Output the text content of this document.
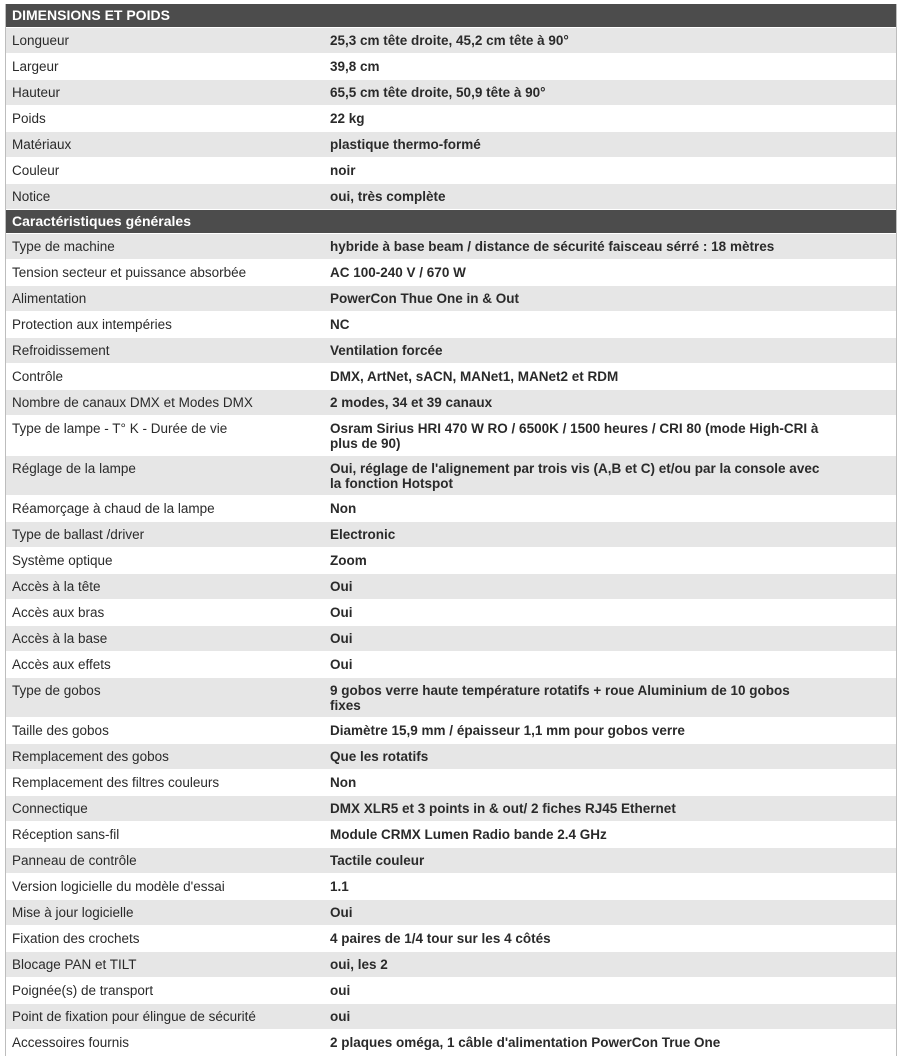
DIMENSIONS ET POIDS
Longueur	25,3 cm tête droite, 45,2 cm tête à 90°
Largeur	39,8 cm
Hauteur	65,5 cm tête droite, 50,9 tête à 90°
Poids	22 kg
Matériaux	plastique thermo-formé
Couleur	noir
Notice	oui, très complète
Caractéristiques générales
Type de machine	hybride à base beam / distance de sécurité faisceau sérré : 18 mètres
Tension secteur et puissance absorbée	AC 100-240 V / 670 W
Alimentation	PowerCon Thue One in & Out
Protection aux intempéries	NC
Refroidissement	Ventilation forcée
Contrôle	DMX, ArtNet, sACN, MANet1, MANet2 et RDM
Nombre de canaux DMX et Modes DMX	2 modes, 34 et 39 canaux
Type de lampe - T° K - Durée de vie	Osram Sirius HRI 470 W RO / 6500K / 1500 heures / CRI 80 (mode High-CRI à plus de 90)
Réglage de la lampe	Oui, réglage de l'alignement par trois vis (A,B et C) et/ou par la console avec la fonction Hotspot
Réamorçage à chaud de la lampe	Non
Type de ballast /driver	Electronic
Système optique	Zoom
Accès à la tête	Oui
Accès aux bras	Oui
Accès à la base	Oui
Accès aux effets	Oui
Type de gobos	9 gobos verre haute température rotatifs + roue Aluminium de 10 gobos fixes
Taille des gobos	Diamètre 15,9 mm / épaisseur 1,1 mm pour gobos verre
Remplacement des gobos	Que les rotatifs
Remplacement des filtres couleurs	Non
Connectique	DMX XLR5 et 3 points in & out/ 2 fiches RJ45 Ethernet
Réception sans-fil	Module CRMX Lumen Radio bande 2.4 GHz
Panneau de contrôle	Tactile couleur
Version logicielle du modèle d'essai	1.1
Mise à jour logicielle	Oui
Fixation des crochets	4 paires de 1/4 tour sur les 4 côtés
Blocage PAN et TILT	oui, les 2
Poignée(s) de transport	oui
Point de fixation pour élingue de sécurité	oui
Accessoires fournis	2 plaques oméga, 1 câble d'alimentation PowerCon True One
